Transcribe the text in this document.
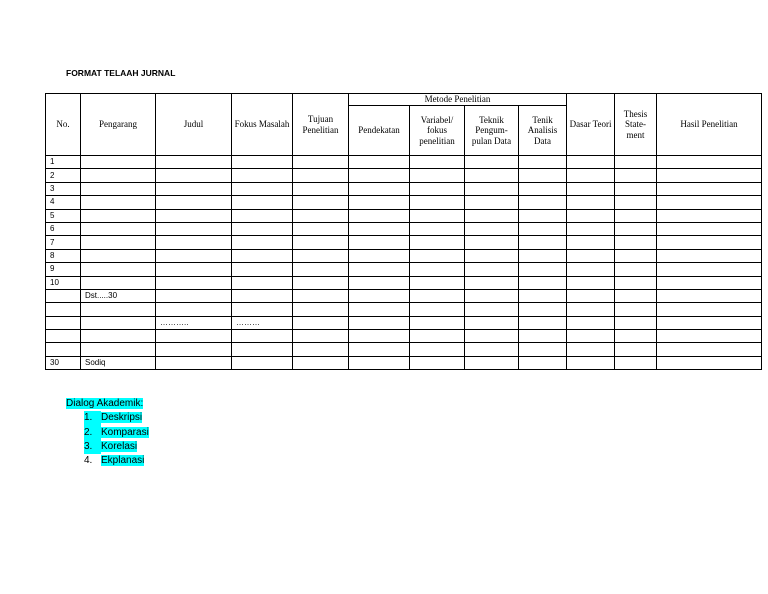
FORMAT TELAAH JURNAL
No.	Pengarang	Judul	Fokus Masalah	Tujuan Penelitian	Metode Penelitian				Dasar Teori	Thesis State- ment	Hasil Penelitian
					Pendekatan	Variabel/ fokus penelitian	Teknik Pengum- pulan Data	Tenik Analisis Data			
1											
2											
3											
4											
5											
6											
7											
8											
9											
10											
	Dst.....30										

		………..	………								

30	Sodiq										
Dialog Akademik:
1. Deskripsi
2. Komparasi
3. Korelasi
4. Ekplanasi
